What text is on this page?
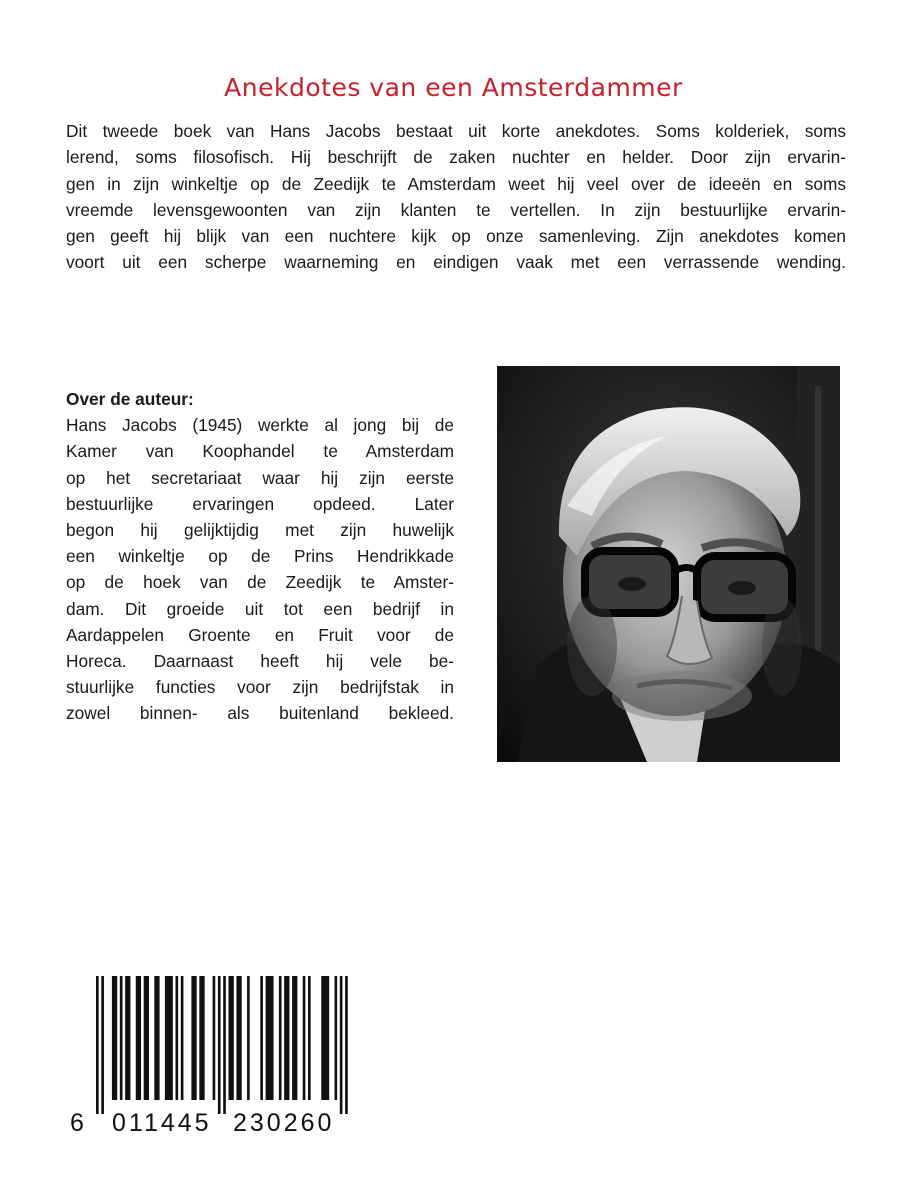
Anekdotes van een Amsterdammer
Dit tweede boek van Hans Jacobs bestaat uit korte anekdotes. Soms kolderiek, soms
lerend, soms filosofisch. Hij beschrijft de zaken nuchter en helder. Door zijn ervarin-
gen in zijn winkeltje op de Zeedijk te Amsterdam weet hij veel over de ideeën en soms
vreemde levensgewoonten van zijn klanten te vertellen. In zijn bestuurlijke ervarin-
gen geeft hij blijk van een nuchtere kijk op onze samenleving. Zijn anekdotes komen
voort uit een scherpe waarneming en eindigen vaak met een verrassende wending.
Over de auteur:
Hans Jacobs (1945) werkte al jong bij de
Kamer van Koophandel te Amsterdam
op het secretariaat waar hij zijn eerste
bestuurlijke ervaringen opdeed. Later
begon hij gelijktijdig met zijn huwelijk
een winkeltje op de Prins Hendrikkade
op de hoek van de Zeedijk te Amster-
dam. Dit groeide uit tot een bedrijf in
Aardappelen Groente en Fruit voor de
Horeca. Daarnaast heeft hij vele be-
stuurlijke functies voor zijn bedrijfstak in
zowel binnen- als buitenland bekleed.
6 011445 230260
